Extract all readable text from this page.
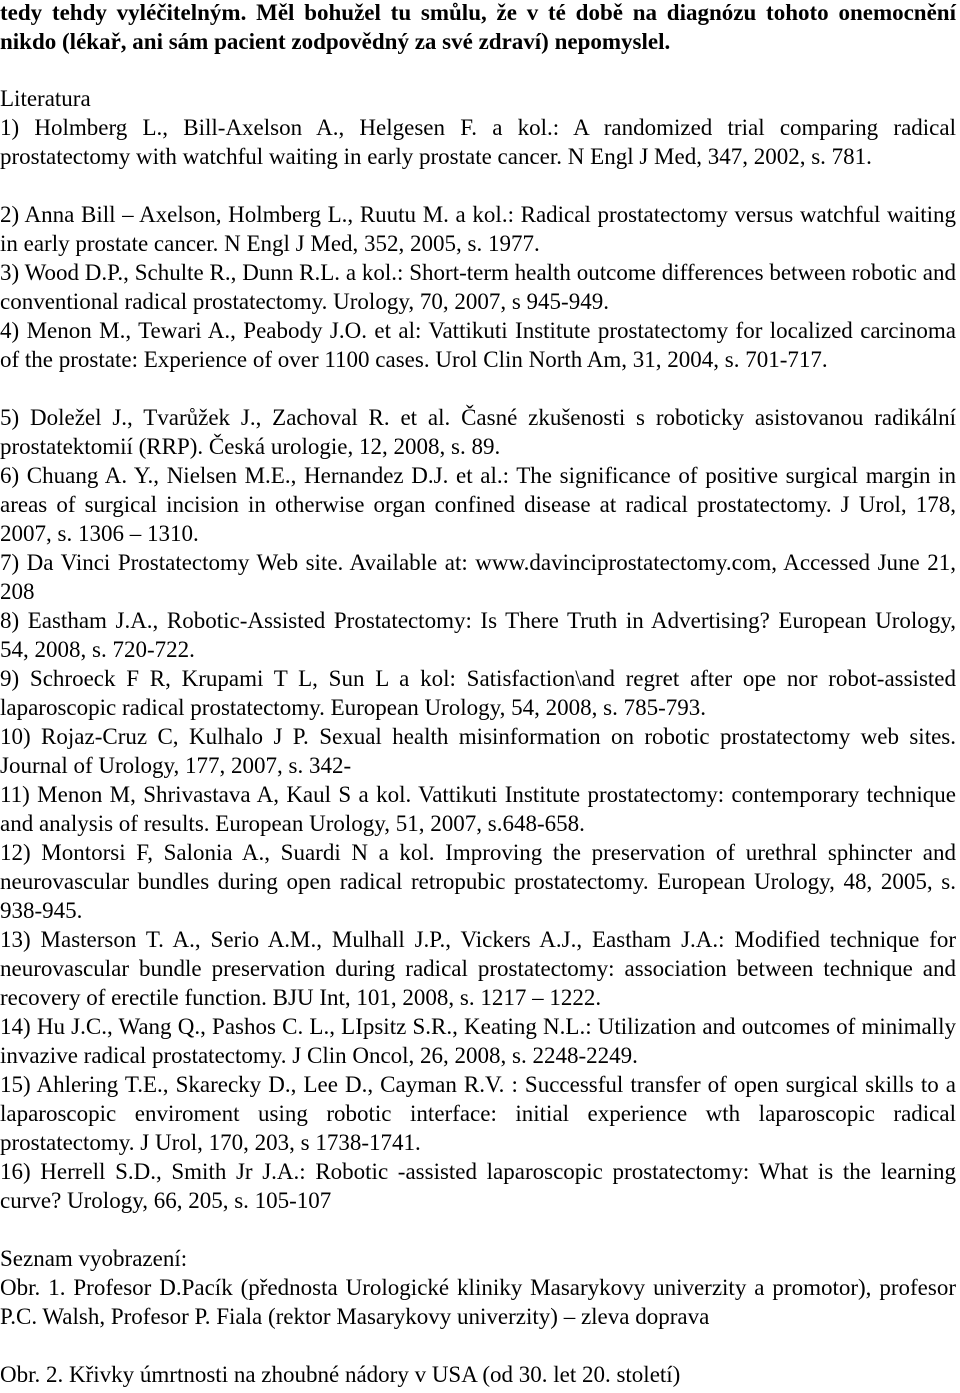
tedy tehdy vyléčitelným. Měl bohužel tu smůlu, že v té době na diagnózu tohoto onemocnění nikdo (lékař, ani sám pacient zodpovědný za své zdraví) nepomyslel.
Literatura
1) Holmberg L., Bill-Axelson A., Helgesen F. a kol.: A randomized trial comparing radical prostatectomy with watchful waiting in early prostate cancer. N Engl J Med, 347, 2002, s. 781.
2) Anna Bill – Axelson, Holmberg L., Ruutu M. a kol.: Radical prostatectomy versus watchful waiting in early prostate cancer. N Engl J Med, 352, 2005, s. 1977.
3) Wood D.P., Schulte R., Dunn R.L. a kol.: Short-term health outcome differences between robotic and conventional radical prostatectomy. Urology, 70, 2007, s 945-949.
4) Menon M., Tewari A., Peabody J.O. et al: Vattikuti Institute prostatectomy for localized carcinoma of the prostate: Experience of over 1100 cases. Urol Clin North Am, 31, 2004, s. 701-717.
5) Doležel J., Tvarůžek J., Zachoval R. et al. Časné zkušenosti s roboticky asistovanou radikální prostatektomií (RRP). Česká urologie, 12, 2008, s. 89.
6) Chuang A. Y., Nielsen M.E., Hernandez D.J. et al.: The significance of positive surgical margin in areas of surgical incision in otherwise organ confined disease at radical prostatectomy. J Urol, 178, 2007, s. 1306 – 1310.
7) Da Vinci Prostatectomy Web site. Available at: www.davinciprostatectomy.com, Accessed June 21, 208
8) Eastham J.A., Robotic-Assisted Prostatectomy: Is There Truth in Advertising? European Urology, 54, 2008, s. 720-722.
9) Schroeck F R, Krupami T L, Sun L a kol: Satisfaction\and regret after ope nor robot-assisted laparoscopic radical prostatectomy. European Urology, 54, 2008, s. 785-793.
10) Rojaz-Cruz C, Kulhalo J P. Sexual health misinformation on robotic prostatectomy web sites. Journal of Urology, 177, 2007, s. 342-
11) Menon M, Shrivastava A, Kaul S a kol. Vattikuti Institute prostatectomy: contemporary technique and analysis of results. European Urology, 51, 2007, s.648-658.
12) Montorsi F, Salonia A., Suardi N a kol. Improving the preservation of urethral sphincter and neurovascular bundles during open radical retropubic prostatectomy. European Urology, 48, 2005, s. 938-945.
13) Masterson T. A., Serio A.M., Mulhall J.P., Vickers A.J., Eastham J.A.: Modified technique for neurovascular bundle preservation during radical prostatectomy: association between technique and recovery of erectile function. BJU Int, 101, 2008, s. 1217 – 1222.
14) Hu J.C., Wang Q., Pashos C. L., LIpsitz S.R., Keating N.L.: Utilization and outcomes of minimally invazive radical prostatectomy. J Clin Oncol, 26, 2008, s. 2248-2249.
15) Ahlering T.E., Skarecky D., Lee D., Cayman R.V. : Successful transfer of open surgical skills to a laparoscopic enviroment using robotic interface: initial experience wth laparoscopic radical prostatectomy. J Urol, 170, 203, s 1738-1741.
16) Herrell S.D., Smith Jr J.A.: Robotic -assisted laparoscopic prostatectomy: What is the learning curve? Urology, 66, 205, s. 105-107
Seznam vyobrazení:
Obr. 1. Profesor D.Pacík (přednosta Urologické kliniky Masarykovy univerzity a promotor), profesor P.C. Walsh, Profesor P. Fiala (rektor Masarykovy univerzity) – zleva doprava
Obr. 2. Křivky úmrtnosti na zhoubné nádory v USA (od 30. let 20. století)
